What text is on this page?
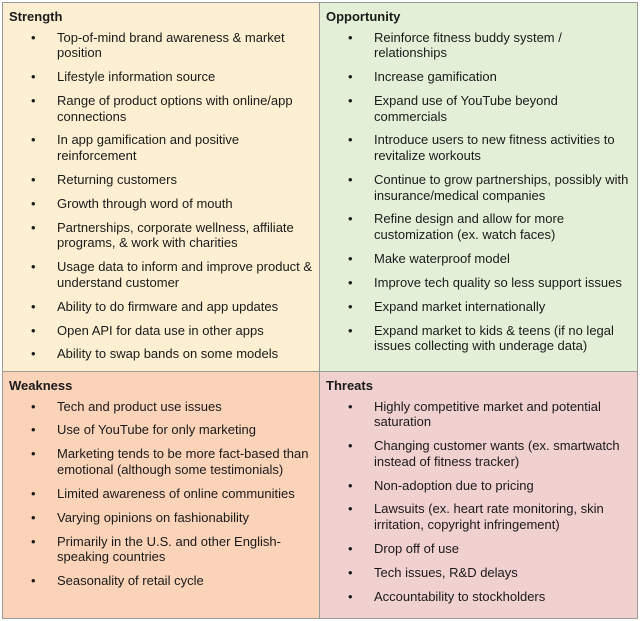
Strength
• Top-of-mind brand awareness & market position
• Lifestyle information source
• Range of product options with online/app connections
• In app gamification and positive reinforcement
• Returning customers
• Growth through word of mouth
• Partnerships, corporate wellness, affiliate programs, & work with charities
• Usage data to inform and improve product & understand customer
• Ability to do firmware and app updates
• Open API for data use in other apps
• Ability to swap bands on some models
Opportunity
• Reinforce fitness buddy system / relationships
• Increase gamification
• Expand use of YouTube beyond commercials
• Introduce users to new fitness activities to revitalize workouts
• Continue to grow partnerships, possibly with insurance/medical companies
• Refine design and allow for more customization (ex. watch faces)
• Make waterproof model
• Improve tech quality so less support issues
• Expand market internationally
• Expand market to kids & teens (if no legal issues collecting with underage data)
Weakness
• Tech and product use issues
• Use of YouTube for only marketing
• Marketing tends to be more fact-based than emotional (although some testimonials)
• Limited awareness of online communities
• Varying opinions on fashionability
• Primarily in the U.S. and other English-speaking countries
• Seasonality of retail cycle
Threats
• Highly competitive market and potential saturation
• Changing customer wants (ex. smartwatch instead of fitness tracker)
• Non-adoption due to pricing
• Lawsuits (ex. heart rate monitoring, skin irritation, copyright infringement)
• Drop off of use
• Tech issues, R&D delays
• Accountability to stockholders
